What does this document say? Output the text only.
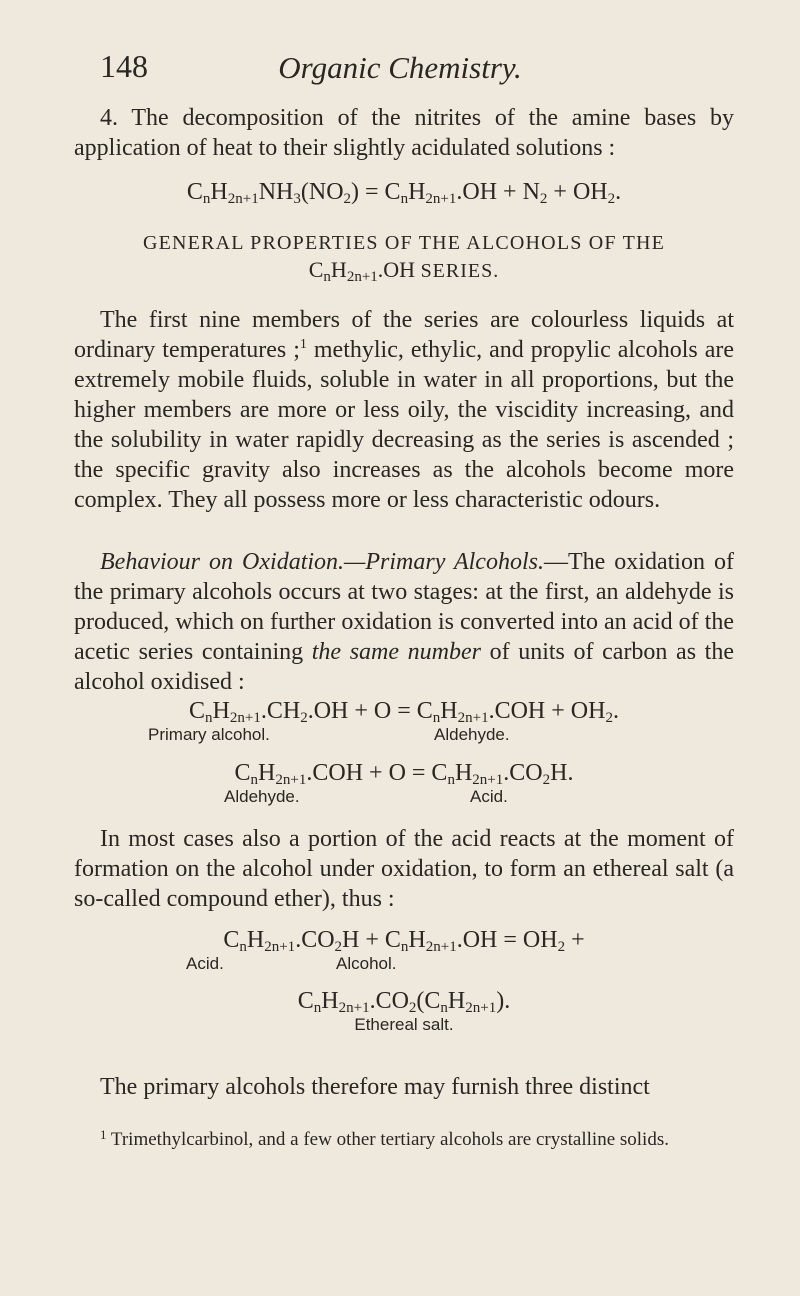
148	Organic Chemistry.

4. The decomposition of the nitrites of the amine bases by application of heat to their slightly acidulated solutions :

$C_nH_{2n+1}NH_3(NO_2) = C_nH_{2n+1}.OH + N_2 + OH_2$.
GENERAL PROPERTIES OF THE ALCOHOLS OF THE
$C_nH_{2n+1}.OH$ SERIES.

The first nine members of the series are colourless liquids at ordinary temperatures ;$^1$ methylic, ethylic, and propylic alcohols are extremely mobile fluids, soluble in water in all proportions, but the higher members are more or less oily, the viscidity increasing, and the solubility in water rapidly decreasing as the series is ascended ; the specific gravity also increases as the alcohols become more complex. They all possess more or less characteristic odours.

Behaviour on Oxidation.—Primary Alcohols.—The oxidation of the primary alcohols occurs at two stages: at the first, an aldehyde is produced, which on further oxidation is converted into an acid of the acetic series containing the same number of units of carbon as the alcohol oxidised :

$C_nH_{2n+1}.CH_2.OH + O = C_nH_{2n+1}.COH + OH_2$.
Primary alcohol.	Aldehyde.
$C_nH_{2n+1}.COH + O = C_nH_{2n+1}.CO_2H$.
Aldehyde.	Acid.

In most cases also a portion of the acid reacts at the moment of formation on the alcohol under oxidation, to form an ethereal salt (a so-called compound ether), thus :

$C_nH_{2n+1}.CO_2H + C_nH_{2n+1}.OH = OH_2$ +
Acid.	Alcohol.
$C_nH_{2n+1}.CO_2(C_nH_{2n+1})$.
Ethereal salt.

The primary alcohols therefore may furnish three distinct

$^1$ Trimethylcarbinol, and a few other tertiary alcohols are crystalline solids.
